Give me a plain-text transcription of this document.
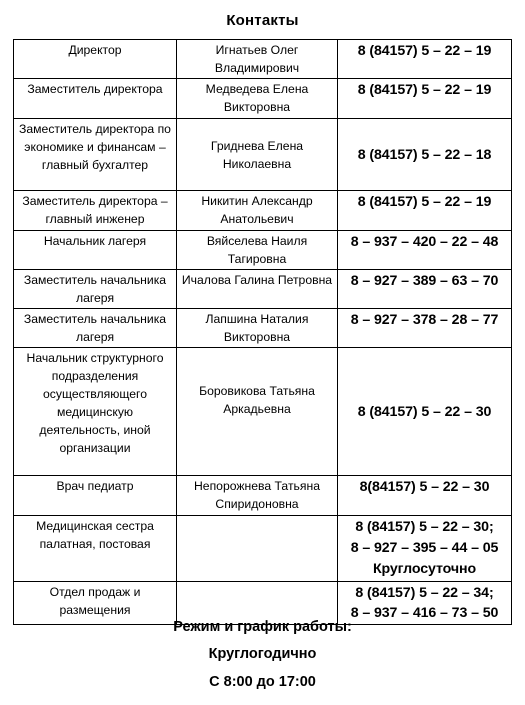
Контакты
Директор	Игнатьев Олег Владимирович	8 (84157) 5 – 22 – 19

Заместитель директора	Медведева Елена Викторовна	8 (84157) 5 – 22 – 19

Заместитель директора по экономике и финансам – главный бухгалтер	Гриднева Елена Николаевна	8 (84157) 5 – 22 – 18

Заместитель директора – главный инженер	Никитин Александр Анатольевич	8 (84157) 5 – 22 – 19

Начальник лагеря	Вяйселева Наиля Тагировна	8 – 937 – 420 – 22 – 48

Заместитель начальника лагеря	Ичалова Галина Петровна	8 – 927 – 389 – 63 – 70

Заместитель начальника лагеря	Лапшина Наталия Викторовна	8 – 927 – 378 – 28 – 77

Начальник структурного подразделения осуществляющего медицинскую деятельность, иной организации	Боровикова Татьяна Аркадьевна	8 (84157) 5 – 22 – 30

Врач педиатр	Непорожнева Татьяна Спиридоновна	8(84157) 5 – 22 – 30

Медицинская сестра палатная, постовая		8 (84157) 5 – 22 – 30;
8 – 927 – 395 – 44 – 05
Круглосуточно

Отдел продаж и размещения		8 (84157) 5 – 22 – 34;
8 – 937 – 416 – 73 – 50
Режим и график работы:
Круглогодично
С 8:00 до 17:00
